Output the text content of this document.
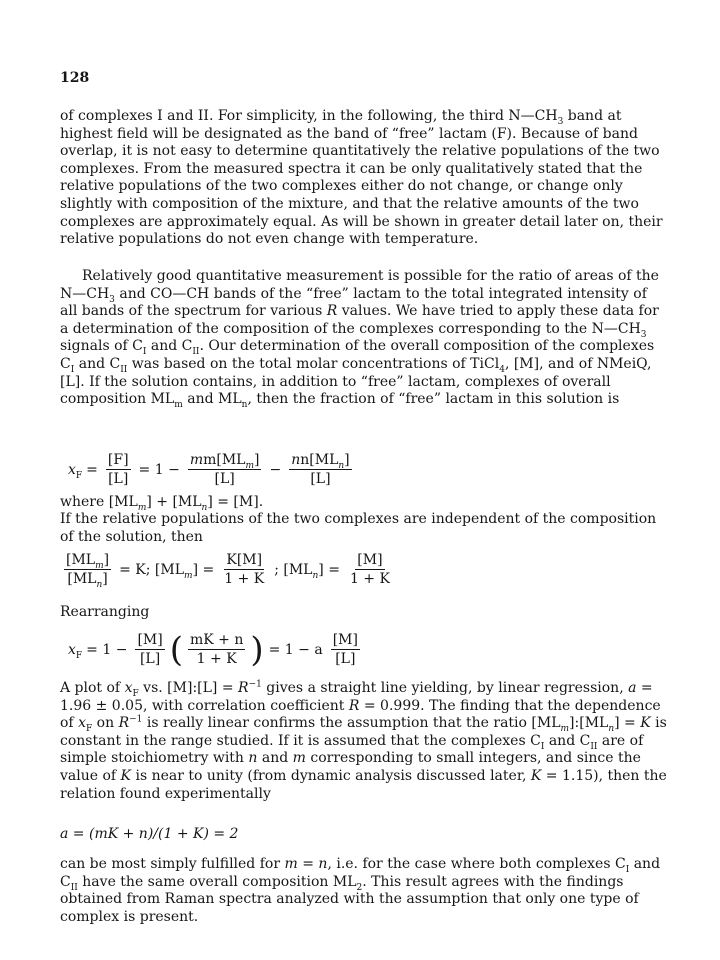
128

of complexes I and II. For simplicity, in the following, the third $N—CH_3$ band at highest field will be designated as the band of “free” lactam (F). Because of band overlap, it is not easy to determine quantitatively the relative populations of the two complexes. From the measured spectra it can be only qualitatively stated that the relative populations of the two complexes either do not change, or change only slightly with composition of the mixture, and that the relative amounts of the two complexes are approximately equal. As will be shown in greater detail later on, their relative populations do not even change with temperature.

Relatively good quantitative measurement is possible for the ratio of areas of the $N—CH_3$ and CO—CH bands of the “free” lactam to the total integrated intensity of all bands of the spectrum for various R values. We have tried to apply these data for a determination of the composition of the complexes corresponding to the $N—CH_3$ signals of $C_I$ and $C_{II}$. Our determination of the overall composition of the complexes $C_I$ and $C_{II}$ was based on the total molar concentrations of TiCl$_4$, [M], and of NMeiQ, [L]. If the solution contains, in addition to “free” lactam, complexes of overall composition $ML_m$ and $ML_n$, then the fraction of “free” lactam in this solution is

$x_F = \frac{[F]}{[L]} = 1 - \frac{mm[ML_m]}{[L]} - \frac{nn[ML_n]}{[L]}$

where $[ML_m] + [ML_n] = [M]$.

If the relative populations of the two complexes are independent of the composition of the solution, then

$\frac{[ML_m]}{[ML_n]} = K$; $[ML_m] = \frac{K[M]}{1 + K}$ ; $[ML_n] = \frac{[M]}{1 + K}$

Rearranging

$x_F = 1 - \frac{[M]}{[L]}$ ( $\frac{mK + n}{1 + K}$ ) = 1 − a $\frac{[M]}{[L]}$

A plot of $x_F$ vs. [M]:[L] = $R^{-1}$ gives a straight line yielding, by linear regression, a = 1.96 ± 0.05, with correlation coefficient R = 0.999. The finding that the dependence of $x_F$ on $R^{-1}$ is really linear confirms the assumption that the ratio $[ML_m]:[ML_n] = K$ is constant in the range studied. If it is assumed that the complexes $C_I$ and $C_{II}$ are of simple stoichiometry with n and m corresponding to small integers, and since the value of K is near to unity (from dynamic analysis discussed later, K = 1.15), then the relation found experimentally

a = (mK + n)/(1 + K) = 2

can be most simply fulfilled for m = n, i.e. for the case where both complexes $C_I$ and $C_{II}$ have the same overall composition $ML_2$. This result agrees with the findings obtained from Raman spectra analyzed with the assumption that only one type of complex is present.
